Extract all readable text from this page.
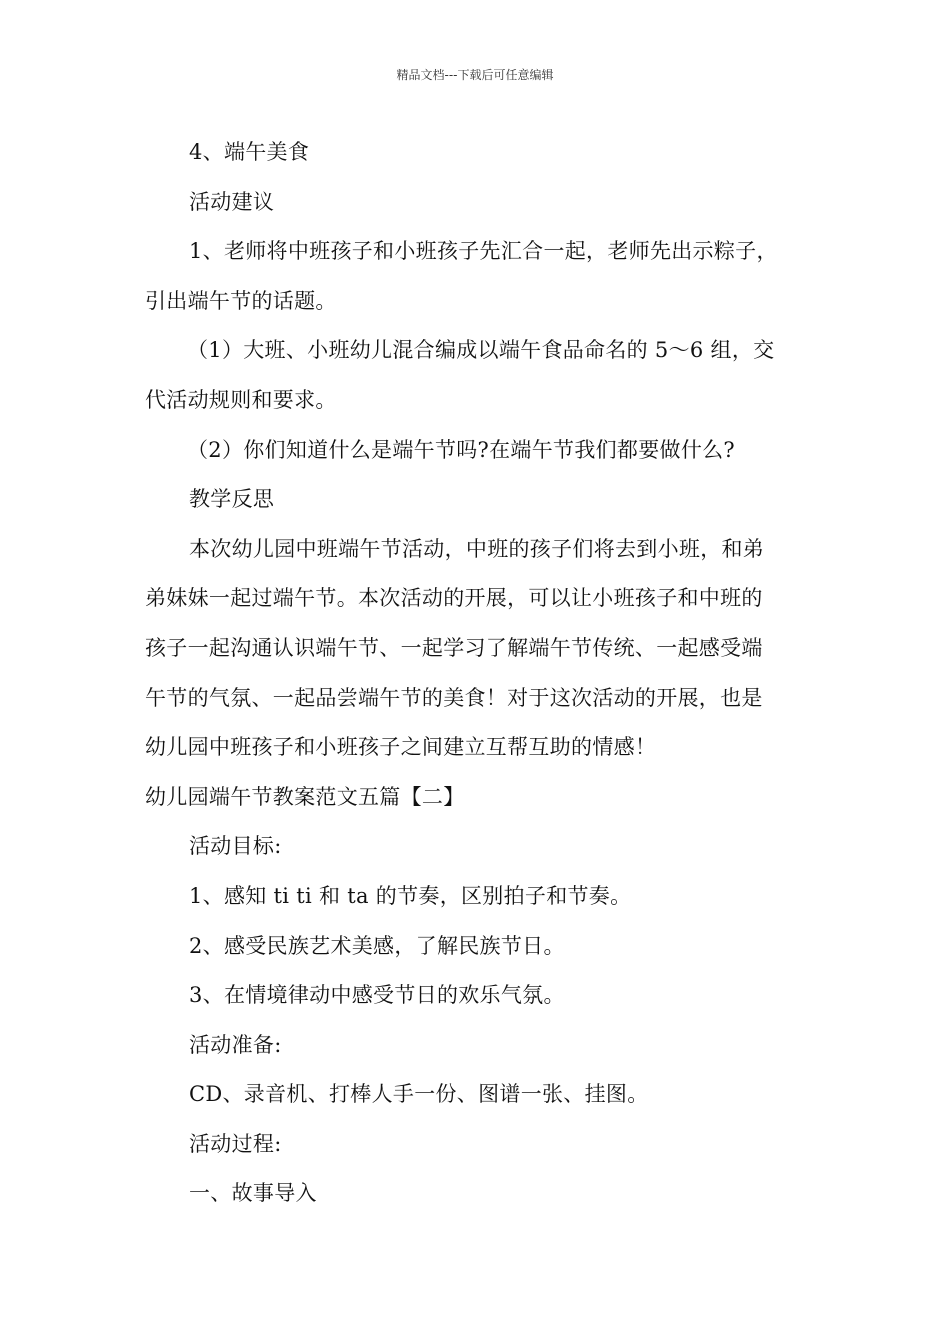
精品文档---下载后可任意编辑
4、端午美食
活动建议
1、老师将中班孩子和小班孩子先汇合一起，老师先出示粽子，
引出端午节的话题。
（1）大班、小班幼儿混合编成以端午食品命名的 5～6 组，交
代活动规则和要求。
（2）你们知道什么是端午节吗?在端午节我们都要做什么?
教学反思
本次幼儿园中班端午节活动，中班的孩子们将去到小班，和弟
弟妹妹一起过端午节。本次活动的开展，可以让小班孩子和中班的
孩子一起沟通认识端午节、一起学习了解端午节传统、一起感受端
午节的气氛、一起品尝端午节的美食！对于这次活动的开展，也是
幼儿园中班孩子和小班孩子之间建立互帮互助的情感！
幼儿园端午节教案范文五篇【二】
活动目标:
1、感知 ti ti 和 ta 的节奏，区别拍子和节奏。
2、感受民族艺术美感，了解民族节日。
3、在情境律动中感受节日的欢乐气氛。
活动准备:
CD、录音机、打棒人手一份、图谱一张、挂图。
活动过程:
一、故事导入
